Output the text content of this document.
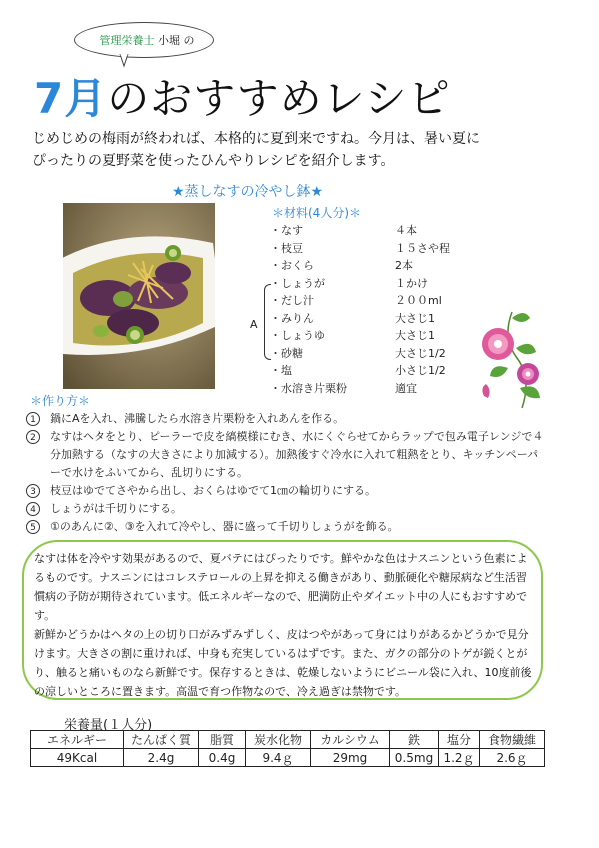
管理栄養士 小堀 の
7月のおすすめレシピ
じめじめの梅雨が終われば、本格的に夏到来ですね。今月は、暑い夏に
ぴったりの夏野菜を使ったひんやりレシピを紹介します。
★蒸しなすの冷やし鉢★
＊材料(4人分)＊
・なす	４本
・枝豆	１５さや程
・おくら	2本
・しょうが	１かけ
・だし汁	２００ml
・みりん	大さじ1
・しょうゆ	大さじ1
・砂糖	大さじ1/2
・塩	小さじ1/2
・水溶き片栗粉	適宜
A
＊作り方＊
1	鍋にAを入れ、沸騰したら水溶き片栗粉を入れあんを作る。
2	なすはヘタをとり、ピーラーで皮を縞模様にむき、水にくぐらせてからラップで包み電子レンジで４分加熱する（なすの大きさにより加減する）。加熱後すぐ冷水に入れて粗熱をとり、キッチンペーパーで水けをふいてから、乱切りにする。
3	枝豆はゆでてさやから出し、おくらはゆでて1㎝の輪切りにする。
4	しょうがは千切りにする。
5	①のあんに②、③を入れて冷やし、器に盛って千切りしょうがを飾る。
なすは体を冷やす効果があるので、夏バテにはぴったりです。鮮やかな色はナスニンという色素によるものです。ナスニンにはコレステロールの上昇を抑える働きがあり、動脈硬化や糖尿病など生活習慣病の予防が期待されています。低エネルギーなので、肥満防止やダイエット中の人にもおすすめです。
新鮮かどうかはヘタの上の切り口がみずみずしく、皮はつやがあって身にはりがあるかどうかで見分けます。大きさの割に重ければ、中身も充実しているはずです。また、ガクの部分のトゲが鋭くとがり、触ると痛いものなら新鮮です。保存するときは、乾燥しないようにビニール袋に入れ、10度前後の涼しいところに置きます。高温で育つ作物なので、冷え過ぎは禁物です。
栄養量(１人分)
エネルギー	たんぱく質	脂質	炭水化物	カルシウム	鉄	塩分	食物繊維
49Kcal	2.4g	0.4g	9.4ｇ	29mg	0.5mg	1.2ｇ	2.6ｇ
